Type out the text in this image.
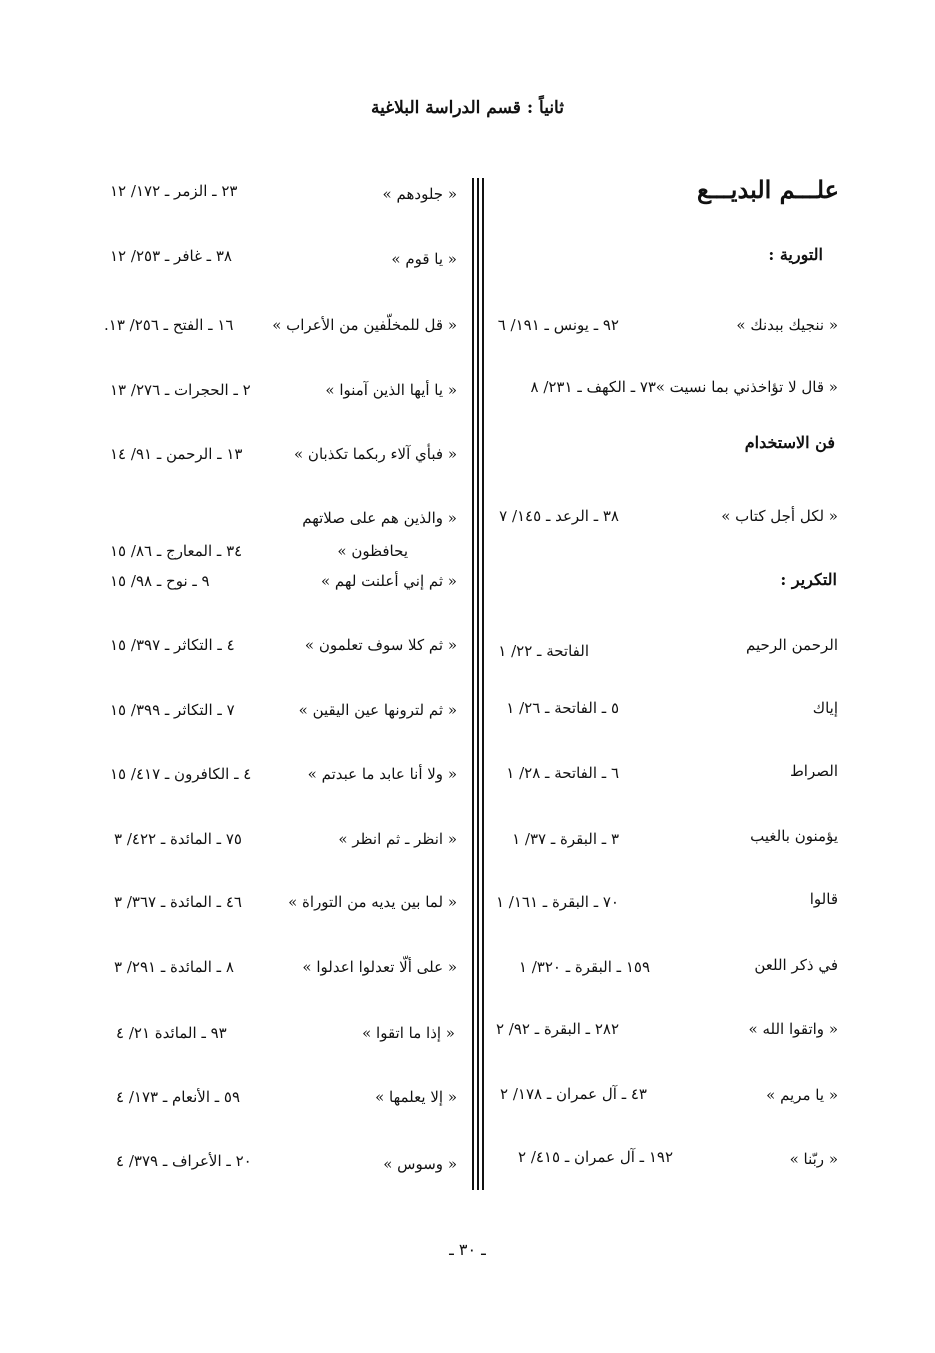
ثانياً : قسم الدراسة البلاغية
علـــم البديـــع
التورية :
« ننجيك ببدنك »
٩٢ ـ يونس ـ ١٩١/ ٦
« قال لا تؤاخذني بما نسيت »
٧٣ ـ الكهف ـ ٢٣١/ ٨
فن الاستخدام
« لكل أجل كتاب »
٣٨ ـ الرعد ـ ١٤٥/ ٧
التكرير :
الرحمن الرحيم
الفاتحة ـ ٢٢/ ١
إياك
٥ ـ الفاتحة ـ ٢٦/ ١
الصراط
٦ ـ الفاتحة ـ ٢٨/ ١
يؤمنون بالغيب
٣ ـ البقرة ـ ٣٧/ ١
قالوا
٧٠ ـ البقرة ـ ١٦١/ ١
في ذكر اللعن
١٥٩ ـ البقرة ـ ٣٢٠/ ١
« واتقوا الله »
٢٨٢ ـ البقرة ـ ٩٢/ ٢
« يا مريم »
٤٣ ـ آل عمران ـ ١٧٨/ ٢
« ربّنا »
١٩٢ ـ آل عمران ـ ٤١٥/ ٢
« جلودهم »
٢٣ ـ الزمر ـ ١٧٢/ ١٢
« يا قوم »
٣٨ ـ غافر ـ ٢٥٣/ ١٢
« قل للمخلّفين من الأعراب »
١٦ ـ الفتح ـ ٢٥٦/ ١٣.
« يا أيها الذين آمنوا »
٢ ـ الحجرات ـ ٢٧٦/ ١٣
« فبأي آلاء ربكما تكذبان »
١٣ ـ الرحمن ـ ٩١/ ١٤
« والذين هم على صلاتهم
يحافظون »
٣٤ ـ المعارج ـ ٨٦/ ١٥
« ثم إني أعلنت لهم »
٩ ـ نوح ـ ٩٨/ ١٥
« ثم كلا سوف تعلمون »
٤ ـ التكاثر ـ ٣٩٧/ ١٥
« ثم لترونها عين اليقين »
٧ ـ التكاثر ـ ٣٩٩/ ١٥
« ولا أنا عابد ما عبدتم »
٤ ـ الكافرون ـ ٤١٧/ ١٥
« انظر ـ ثم انظر »
٧٥ ـ المائدة ـ ٤٢٢/ ٣
« لما بين يديه من التوراة »
٤٦ ـ المائدة ـ ٣٦٧/ ٣
« على ألّا تعدلوا اعدلوا »
٨ ـ المائدة ـ ٢٩١/ ٣
« إذا ما اتقوا »
٩٣ ـ المائدة ٢١/ ٤
« إلا يعلمها »
٥٩ ـ الأنعام ـ ١٧٣/ ٤
« وسوس »
٢٠ ـ الأعراف ـ ٣٧٩/ ٤
ـ ٣٠ ـ
